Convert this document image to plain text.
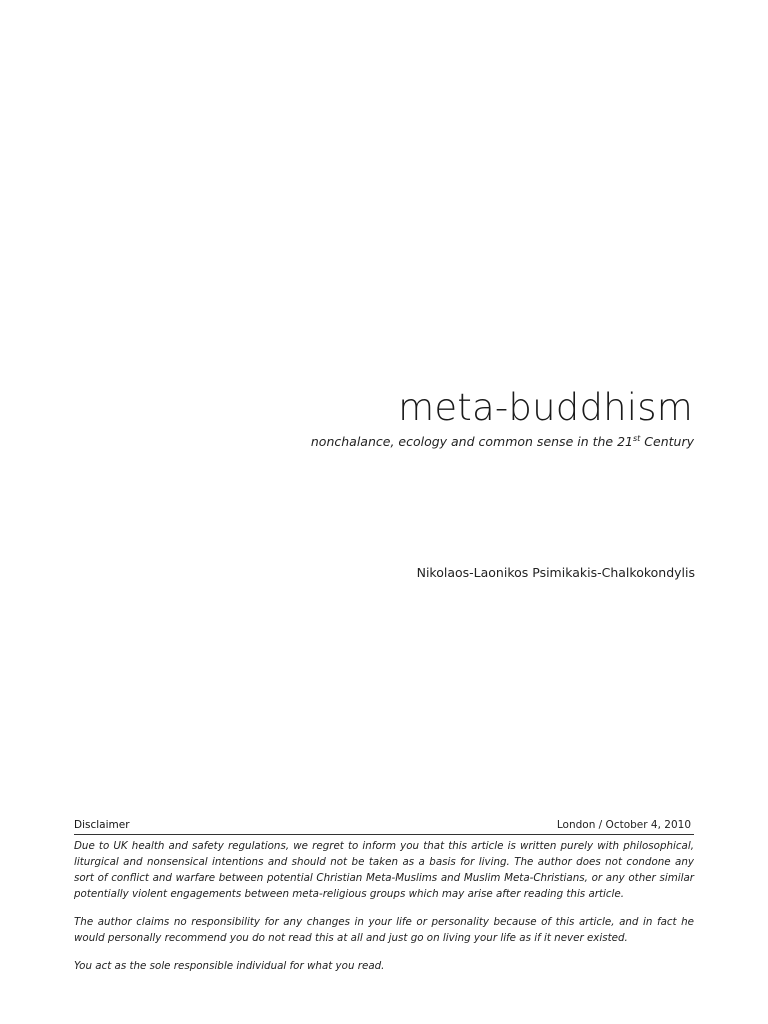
meta-buddhism
nonchalance, ecology and common sense in the 21st Century
Nikolaos-Laonikos Psimikakis-Chalkokondylis
Disclaimer	London / October 4, 2010

Due to UK health and safety regulations, we regret to inform you that this article is written purely with philosophical, liturgical and nonsensical intentions and should not be taken as a basis for living. The author does not condone any sort of conflict and warfare between potential Christian Meta-Muslims and Muslim Meta-Christians, or any other similar potentially violent engagements between meta-religious groups which may arise after reading this article.

The author claims no responsibility for any changes in your life or personality because of this article, and in fact he would personally recommend you do not read this at all and just go on living your life as if it never existed.

You act as the sole responsible individual for what you read.
